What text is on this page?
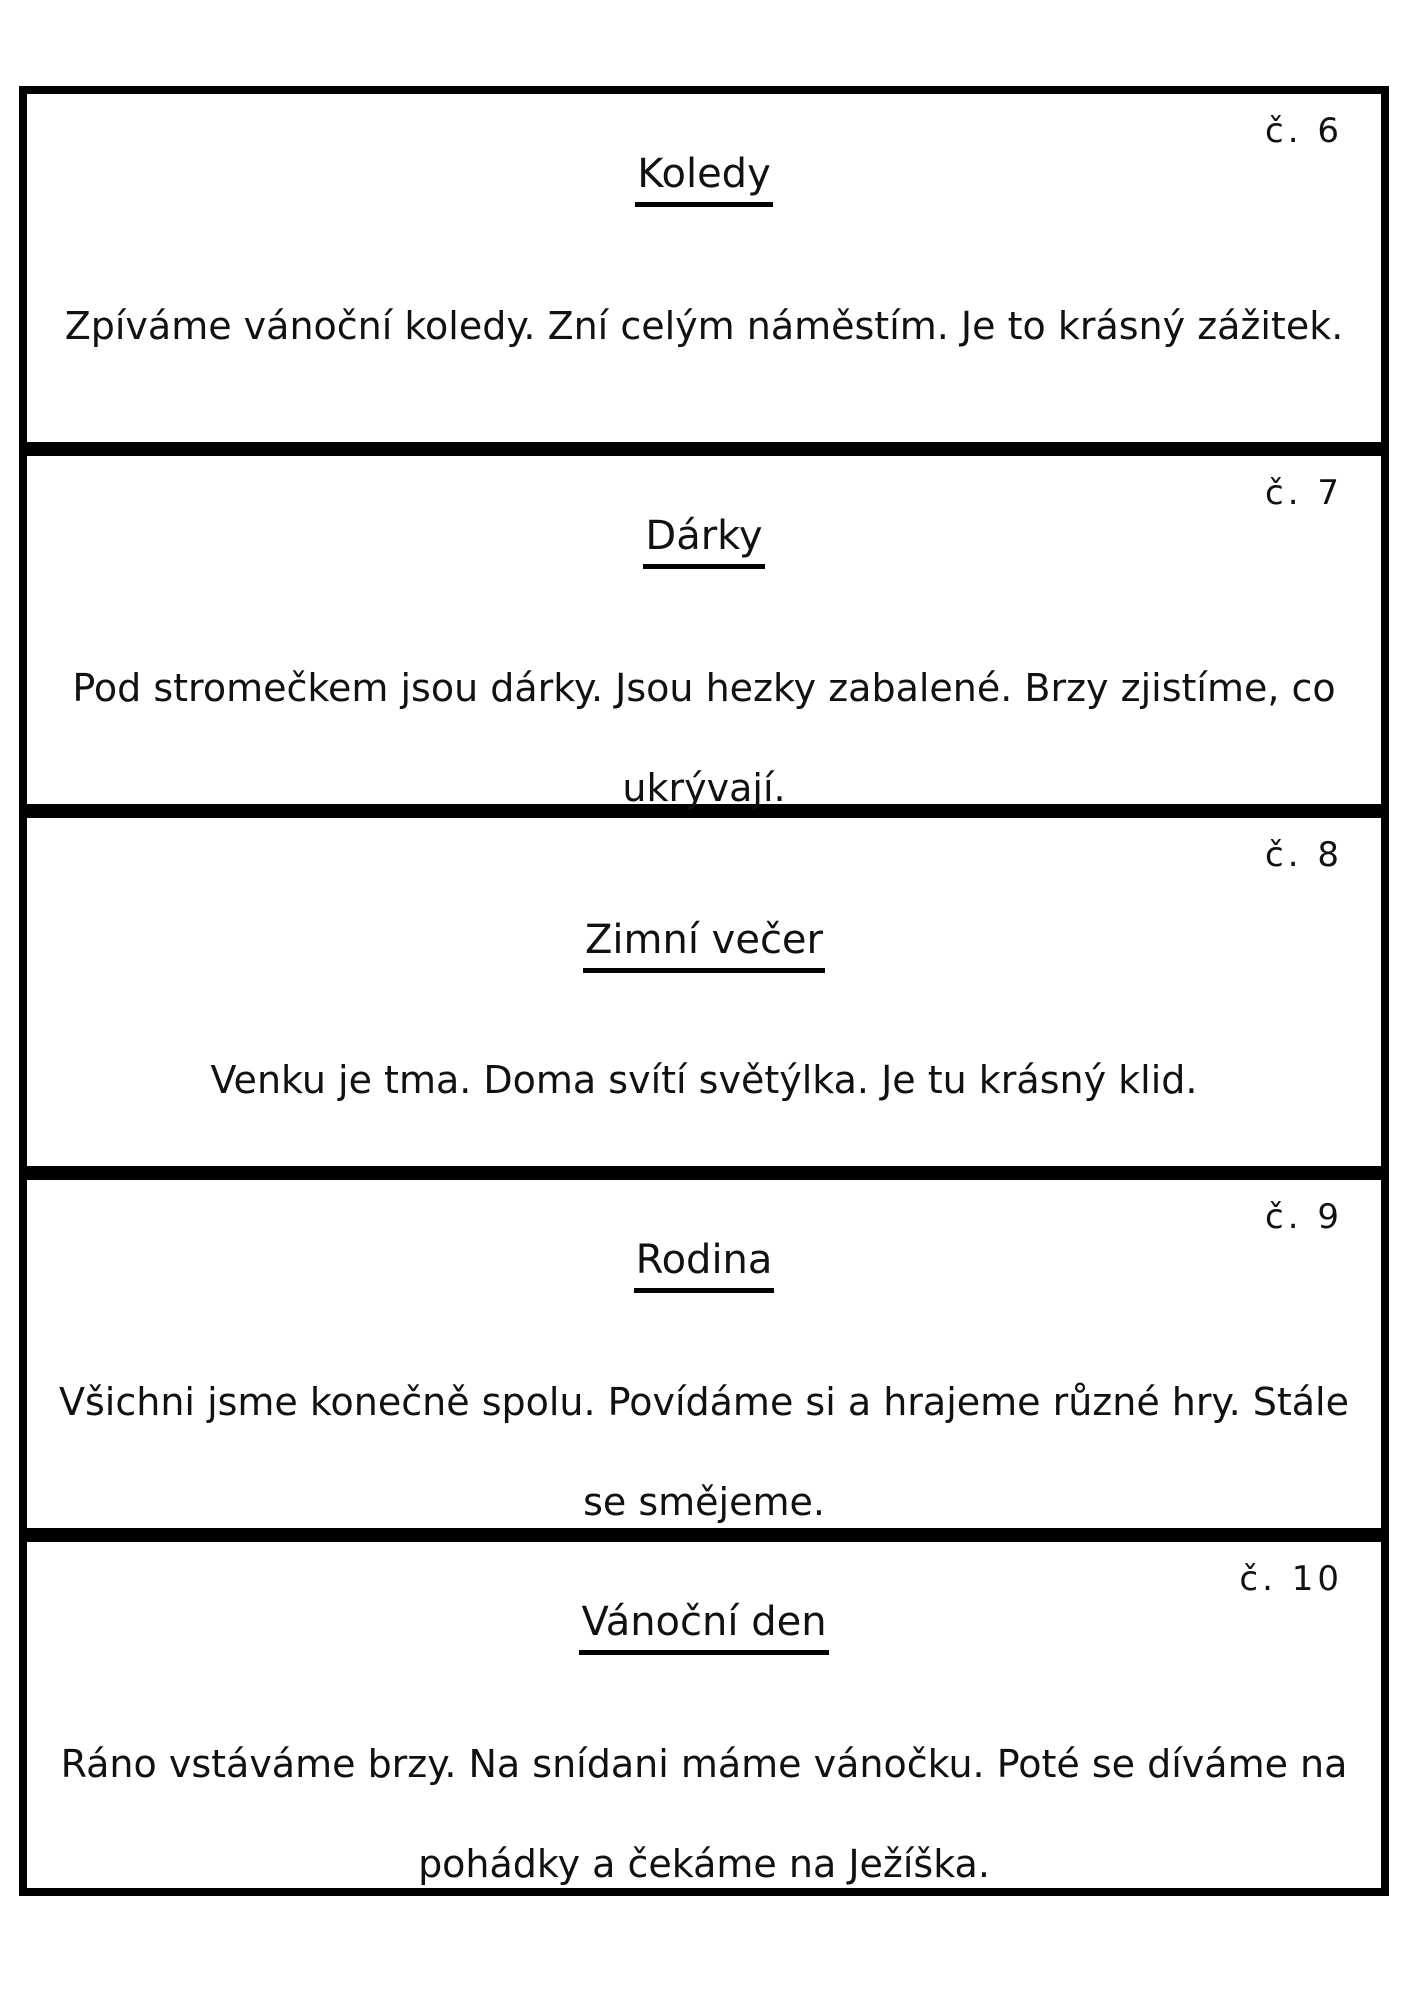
č. 6
Koledy
Zpíváme vánoční koledy. Zní celým náměstím. Je to krásný zážitek.
č. 7
Dárky
Pod stromečkem jsou dárky. Jsou hezky zabalené. Brzy zjistíme, co ukrývají.
č. 8
Zimní večer
Venku je tma. Doma svítí světýlka. Je tu krásný klid.
č. 9
Rodina
Všichni jsme konečně spolu. Povídáme si a hrajeme různé hry. Stále se smějeme.
č. 10
Vánoční den
Ráno vstáváme brzy. Na snídani máme vánočku. Poté se díváme na pohádky a čekáme na Ježíška.
